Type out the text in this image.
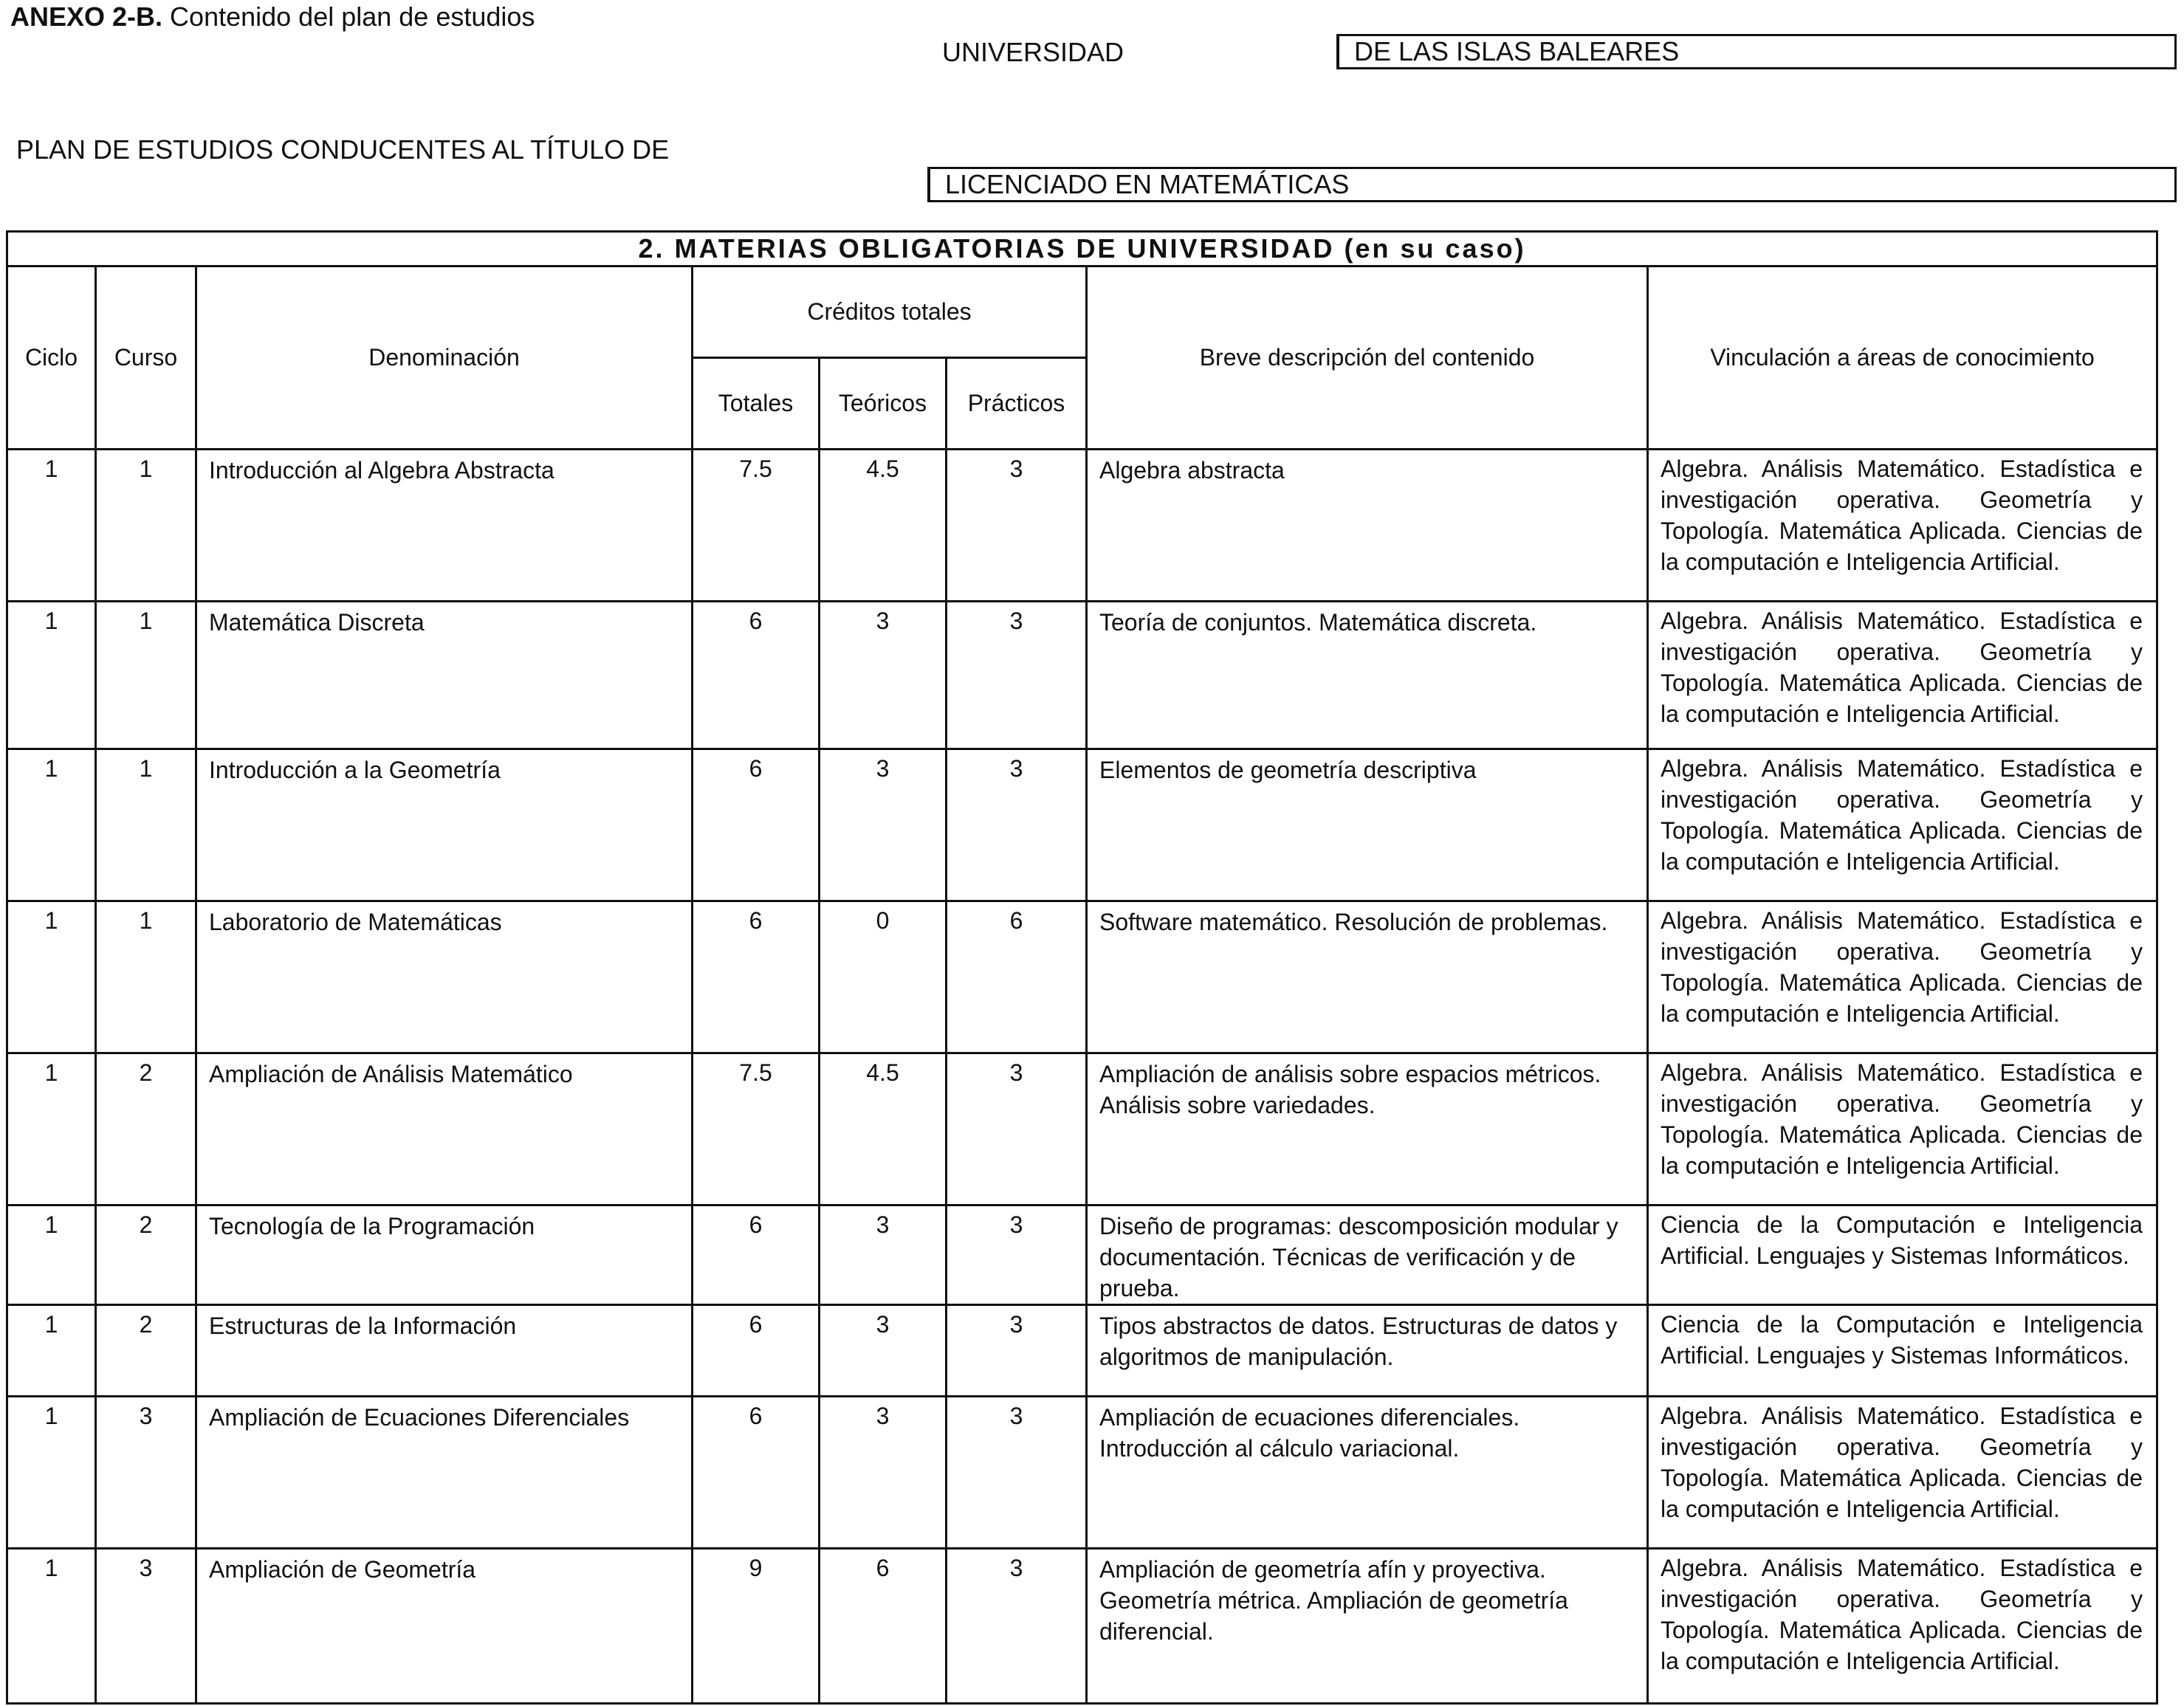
ANEXO 2-B. Contenido del plan de estudios
UNIVERSIDAD	DE LAS ISLAS BALEARES
PLAN DE ESTUDIOS CONDUCENTES AL TÍTULO DE
LICENCIADO EN MATEMÁTICAS
2. MATERIAS OBLIGATORIAS DE UNIVERSIDAD (en su caso)							
Ciclo	Curso	Denominación	Créditos totales			Breve descripción del contenido	Vinculación a áreas de conocimiento
			Totales	Teóricos	Prácticos		
1	1	Introducción al Algebra Abstracta	7.5	4.5	3	Algebra abstracta	Algebra. Análisis Matemático. Estadística e investigación operativa. Geometría y Topología. Matemática Aplicada. Ciencias de la computación e Inteligencia Artificial.
1	1	Matemática Discreta	6	3	3	Teoría de conjuntos. Matemática discreta.	Algebra. Análisis Matemático. Estadística e investigación operativa. Geometría y Topología. Matemática Aplicada. Ciencias de la computación e Inteligencia Artificial.
1	1	Introducción a la Geometría	6	3	3	Elementos de geometría descriptiva	Algebra. Análisis Matemático. Estadística e investigación operativa. Geometría y Topología. Matemática Aplicada. Ciencias de la computación e Inteligencia Artificial.
1	1	Laboratorio de Matemáticas	6	0	6	Software matemático. Resolución de problemas.	Algebra. Análisis Matemático. Estadística e investigación operativa. Geometría y Topología. Matemática Aplicada. Ciencias de la computación e Inteligencia Artificial.
1	2	Ampliación de Análisis Matemático	7.5	4.5	3	Ampliación de análisis sobre espacios métricos. Análisis sobre variedades.	Algebra. Análisis Matemático. Estadística e investigación operativa. Geometría y Topología. Matemática Aplicada. Ciencias de la computación e Inteligencia Artificial.
1	2	Tecnología de la Programación	6	3	3	Diseño de programas: descomposición modular y documentación. Técnicas de verificación y de prueba.	Ciencia de la Computación e Inteligencia Artificial. Lenguajes y Sistemas Informáticos.
1	2	Estructuras de la Información	6	3	3	Tipos abstractos de datos. Estructuras de datos y algoritmos de manipulación.	Ciencia de la Computación e Inteligencia Artificial. Lenguajes y Sistemas Informáticos.
1	3	Ampliación de Ecuaciones Diferenciales	6	3	3	Ampliación de ecuaciones diferenciales. Introducción al cálculo variacional.	Algebra. Análisis Matemático. Estadística e investigación operativa. Geometría y Topología. Matemática Aplicada. Ciencias de la computación e Inteligencia Artificial.
1	3	Ampliación de Geometría	9	6	3	Ampliación de geometría afín y proyectiva. Geometría métrica. Ampliación de geometría diferencial.	Algebra. Análisis Matemático. Estadística e investigación operativa. Geometría y Topología. Matemática Aplicada. Ciencias de la computación e Inteligencia Artificial.
